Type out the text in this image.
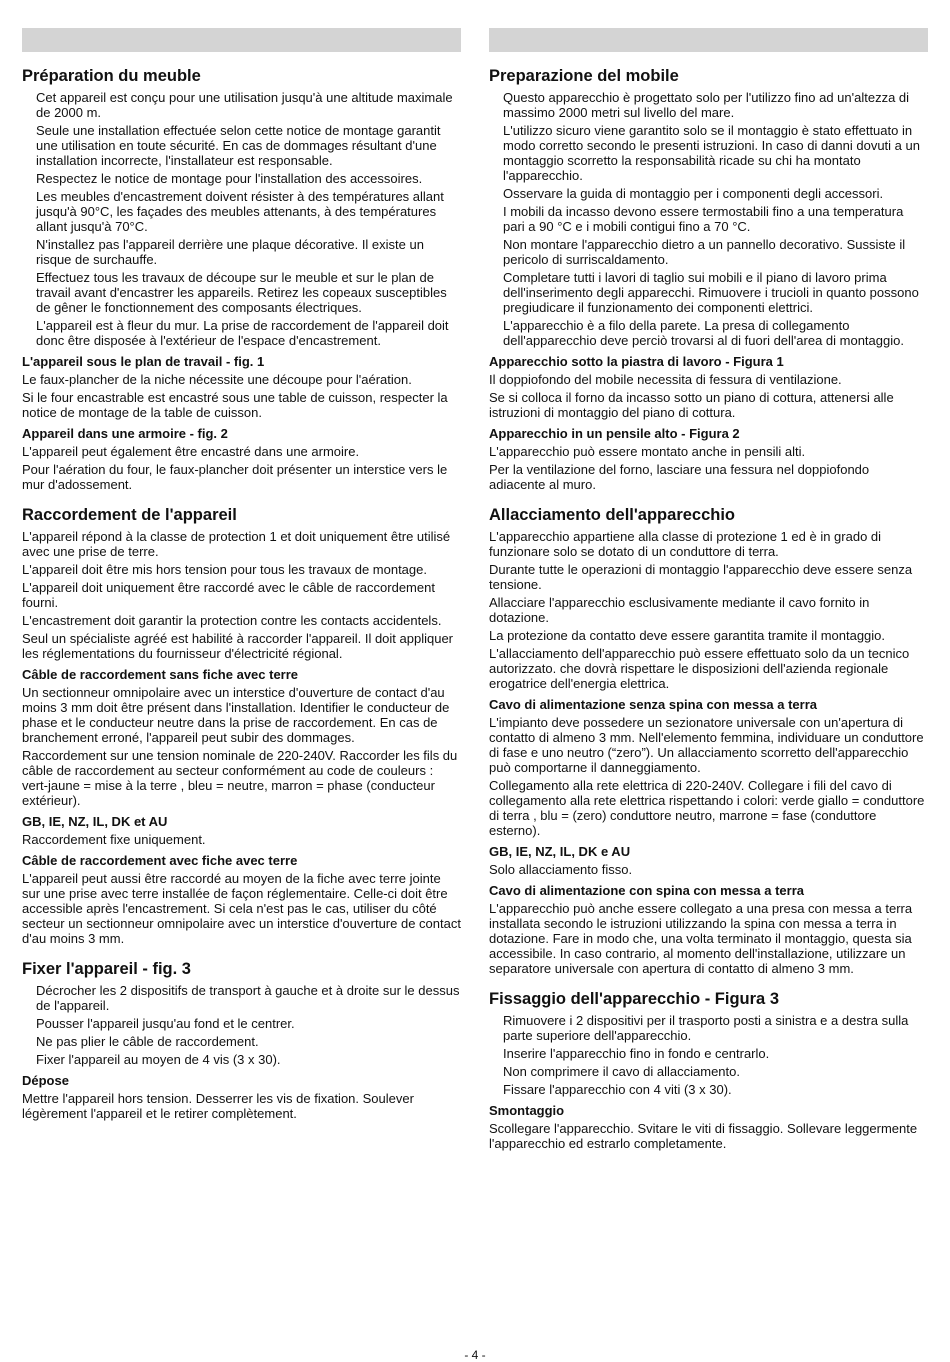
Préparation du meuble

Cet appareil est conçu pour une utilisation jusqu'à une altitude maximale de 2000 m.

Seule une installation effectuée selon cette notice de montage garantit une utilisation en toute sécurité. En cas de dommages résultant d'une installation incorrecte, l'installateur est responsable.

Respectez le notice de montage pour l'installation des accessoires.

Les meubles d'encastrement doivent résister à des températures allant jusqu'à 90°C, les façades des meubles attenants, à des températures allant jusqu'à 70°C.

N'installez pas l'appareil derrière une plaque décorative. Il existe un risque de surchauffe.

Effectuez tous les travaux de découpe sur le meuble et sur le plan de travail avant d'encastrer les appareils. Retirez les copeaux susceptibles de gêner le fonctionnement des composants électriques.

L'appareil est à fleur du mur. La prise de raccordement de l'appareil doit donc être disposée à l'extérieur de l'espace d'encastrement.

L'appareil sous le plan de travail - fig. 1

Le faux-plancher de la niche nécessite une découpe pour l'aération.

Si le four encastrable est encastré sous une table de cuisson, respecter la notice de montage de la table de cuisson.

Appareil dans une armoire - fig. 2

L'appareil peut également être encastré dans une armoire.

Pour l'aération du four, le faux-plancher doit présenter un interstice vers le mur d'adossement.

Raccordement de l'appareil

L'appareil répond à la classe de protection 1 et doit uniquement être utilisé avec une prise de terre.

L'appareil doit être mis hors tension pour tous les travaux de montage.

L'appareil doit uniquement être raccordé avec le câble de raccordement fourni.

L'encastrement doit garantir la protection contre les contacts accidentels.

Seul un spécialiste agréé est habilité à raccorder l'appareil. Il doit appliquer les réglementations du fournisseur d'électricité régional.

Câble de raccordement sans fiche avec terre

Un sectionneur omnipolaire avec un interstice d'ouverture de contact d'au moins 3 mm doit être présent dans l'installation. Identifier le conducteur de phase et le conducteur neutre dans la prise de raccordement. En cas de branchement erroné, l'appareil peut subir des dommages.

Raccordement sur une tension nominale de 220-240V. Raccorder les fils du câble de raccordement au secteur conformément au code de couleurs : vert-jaune = mise à la terre , bleu = neutre, marron = phase (conducteur extérieur).

GB, IE, NZ, IL, DK et AU

Raccordement fixe uniquement.

Câble de raccordement avec fiche avec terre

L'appareil peut aussi être raccordé au moyen de la fiche avec terre jointe sur une prise avec terre installée de façon réglementaire. Celle-ci doit être accessible après l'encastrement. Si cela n'est pas le cas, utiliser du côté secteur un sectionneur omnipolaire avec un interstice d'ouverture de contact d'au moins 3 mm.

Fixer l'appareil - fig. 3

Décrocher les 2 dispositifs de transport à gauche et à droite sur le dessus de l'appareil.

Pousser l'appareil jusqu'au fond et le centrer.

Ne pas plier le câble de raccordement.

Fixer l'appareil au moyen de 4 vis (3 x 30).

Dépose

Mettre l'appareil hors tension. Desserrer les vis de fixation. Soulever légèrement l'appareil et le retirer complètement.

Preparazione del mobile

Questo apparecchio è progettato solo per l'utilizzo fino ad un'altezza di massimo 2000 metri sul livello del mare.

L'utilizzo sicuro viene garantito solo se il montaggio è stato effettuato in modo corretto secondo le presenti istruzioni. In caso di danni dovuti a un montaggio scorretto la responsabilità ricade su chi ha montato l'apparecchio.

Osservare la guida di montaggio per i componenti degli accessori.

I mobili da incasso devono essere termostabili fino a una temperatura pari a 90 °C e i mobili contigui fino a 70 °C.

Non montare l'apparecchio dietro a un pannello decorativo. Sussiste il pericolo di surriscaldamento.

Completare tutti i lavori di taglio sui mobili e il piano di lavoro prima dell'inserimento degli apparecchi. Rimuovere i trucioli in quanto possono pregiudicare il funzionamento dei componenti elettrici.

L'apparecchio è a filo della parete. La presa di collegamento dell'apparecchio deve perciò trovarsi al di fuori dell'area di montaggio.

Apparecchio sotto la piastra di lavoro - Figura 1

Il doppiofondo del mobile necessita di fessura di ventilazione.

Se si colloca il forno da incasso sotto un piano di cottura, attenersi alle istruzioni di montaggio del piano di cottura.

Apparecchio in un pensile alto - Figura 2

L'apparecchio può essere montato anche in pensili alti.

Per la ventilazione del forno, lasciare una fessura nel doppiofondo adiacente al muro.

Allacciamento dell'apparecchio

L'apparecchio appartiene alla classe di protezione 1 ed è in grado di funzionare solo se dotato di un conduttore di terra.

Durante tutte le operazioni di montaggio l'apparecchio deve essere senza tensione.

Allacciare l'apparecchio esclusivamente mediante il cavo fornito in dotazione.

La protezione da contatto deve essere garantita tramite il montaggio.

L'allacciamento dell'apparecchio può essere effettuato solo da un tecnico autorizzato. che dovrà rispettare le disposizioni dell'azienda regionale erogatrice dell'energia elettrica.

Cavo di alimentazione senza spina con messa a terra

L'impianto deve possedere un sezionatore universale con un'apertura di contatto di almeno 3 mm. Nell'elemento femmina, individuare un conduttore di fase e uno neutro (“zero”). Un allacciamento scorretto dell'apparecchio può comportarne il danneggiamento.

Collegamento alla rete elettrica di 220-240V. Collegare i fili del cavo di collegamento alla rete elettrica rispettando i colori: verde giallo = conduttore di terra , blu = (zero) conduttore neutro, marrone = fase (conduttore esterno).

GB, IE, NZ, IL, DK e AU

Solo allacciamento fisso.

Cavo di alimentazione con spina con messa a terra

L'apparecchio può anche essere collegato a una presa con messa a terra installata secondo le istruzioni utilizzando la spina con messa a terra in dotazione. Fare in modo che, una volta terminato il montaggio, questa sia accessibile. In caso contrario, al momento dell'installazione, utilizzare un separatore universale con apertura di contatto di almeno 3 mm.

Fissaggio dell'apparecchio - Figura 3

Rimuovere i 2 dispositivi per il trasporto posti a sinistra e a destra sulla parte superiore dell'apparecchio.

Inserire l'apparecchio fino in fondo e centrarlo.

Non comprimere il cavo di allacciamento.

Fissare l'apparecchio con 4 viti (3 x 30).

Smontaggio

Scollegare l'apparecchio. Svitare le viti di fissaggio. Sollevare leggermente l'apparecchio ed estrarlo completamente.

- 4 -
